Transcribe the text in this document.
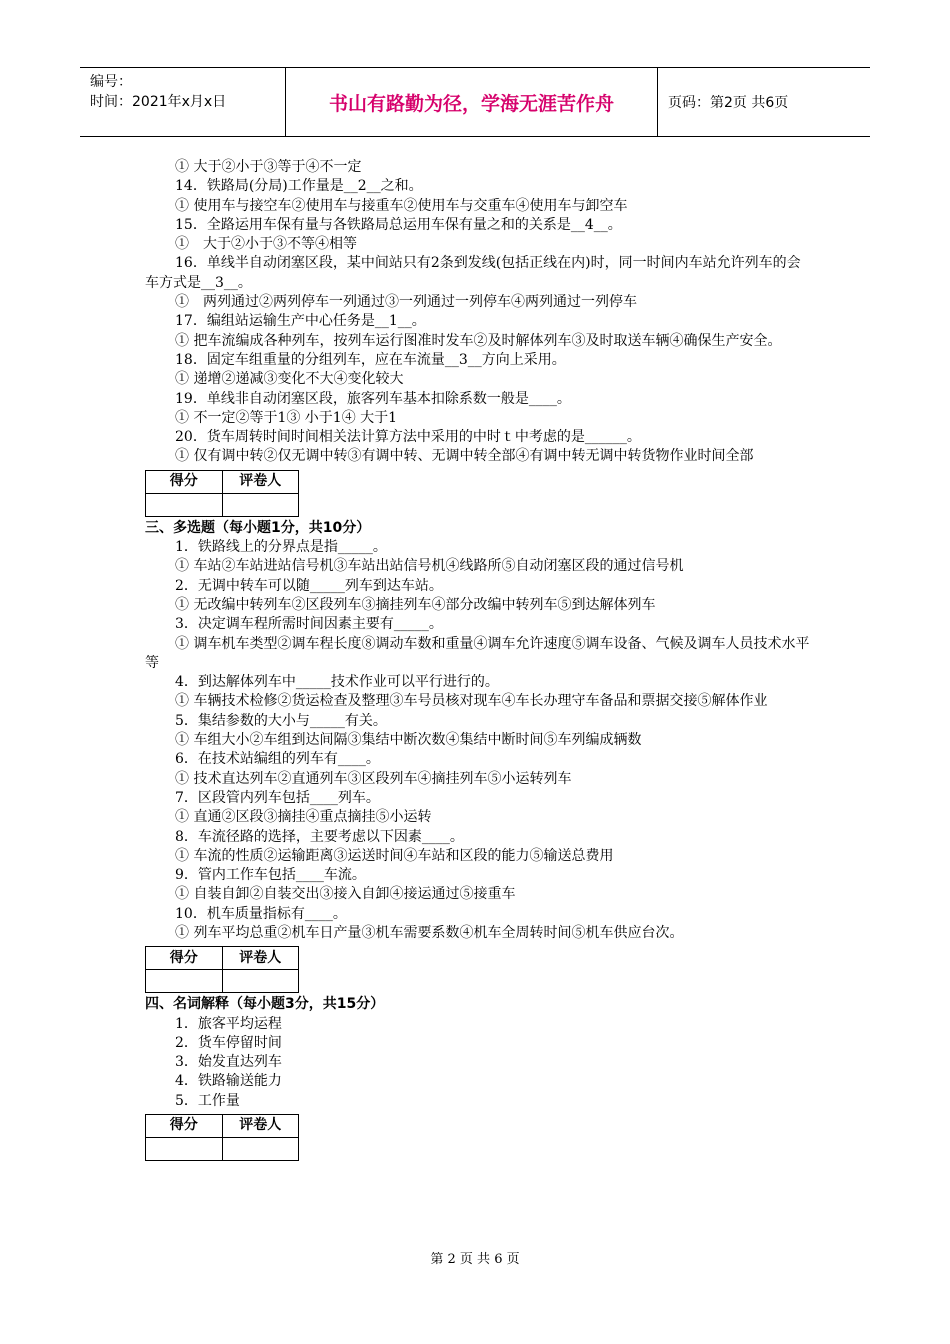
编号：
时间：2021年x月x日	书山有路勤为径，学海无涯苦作舟	页码：第2页 共6页

① 大于②小于③等于④不一定

14．铁路局(分局)工作量是__2__之和。

① 使用车与接空车②使用车与接重车②使用车与交重车④使用车与卸空车

15．全路运用车保有量与各铁路局总运用车保有量之和的关系是__4__。

①　大于②小于③不等④相等

16．单线半自动闭塞区段，某中间站只有2条到发线(包括正线在内)时，同一时间内车站允许列车的会车方式是__3__。

①　两列通过②两列停车一列通过③一列通过一列停车④两列通过一列停车

17．编组站运输生产中心任务是__1__。

① 把车流编成各种列车，按列车运行图准时发车②及时解体列车③及时取送车辆④确保生产安全。

18．固定车组重量的分组列车，应在车流量__3__方向上采用。

① 递增②递减③变化不大④变化较大

19．单线非自动闭塞区段，旅客列车基本扣除系数一般是____。

① 不一定②等于1③ 小于1④ 大于1

20．货车周转时间时间相关法计算方法中采用的中时ｔ中考虑的是______。

① 仅有调中转②仅无调中转③有调中转、无调中转全部④有调中转无调中转货物作业时间全部

得分	评卷人

三、多选题（每小题1分，共10分）

1．铁路线上的分界点是指_____。

① 车站②车站进站信号机③车站出站信号机④线路所⑤自动闭塞区段的通过信号机

2．无调中转车可以随_____列车到达车站。

① 无改编中转列车②区段列车③摘挂列车④部分改编中转列车⑤到达解体列车

3．决定调车程所需时间因素主要有_____。

① 调车机车类型②调车程长度⑧调动车数和重量④调车允许速度⑤调车设备、气候及调车人员技术水平等

4．到达解体列车中_____技术作业可以平行进行的。

① 车辆技术检修②货运检查及整理③车号员核对现车④车长办理守车备品和票据交接⑤解体作业

5．集结参数的大小与_____有关。

① 车组大小②车组到达间隔③集结中断次数④集结中断时间⑤车列编成辆数

6．在技术站编组的列车有____。

① 技术直达列车②直通列车③区段列车④摘挂列车⑤小运转列车

7．区段管内列车包括____列车。

① 直通②区段③摘挂④重点摘挂⑤小运转

8．车流径路的选择，主要考虑以下因素____。

① 车流的性质②运输距离③运送时间④车站和区段的能力⑤输送总费用

9．管内工作车包括____车流。

① 自装自卸②自装交出③接入自卸④接运通过⑤接重车

10．机车质量指标有____。

① 列车平均总重②机车日产量③机车需要系数④机车全周转时间⑤机车供应台次。

得分	评卷人

四、名词解释（每小题3分，共15分）

1．旅客平均运程

2．货车停留时间

3．始发直达列车

4．铁路输送能力

5．工作量

得分	评卷人

第 2 页 共 6 页
